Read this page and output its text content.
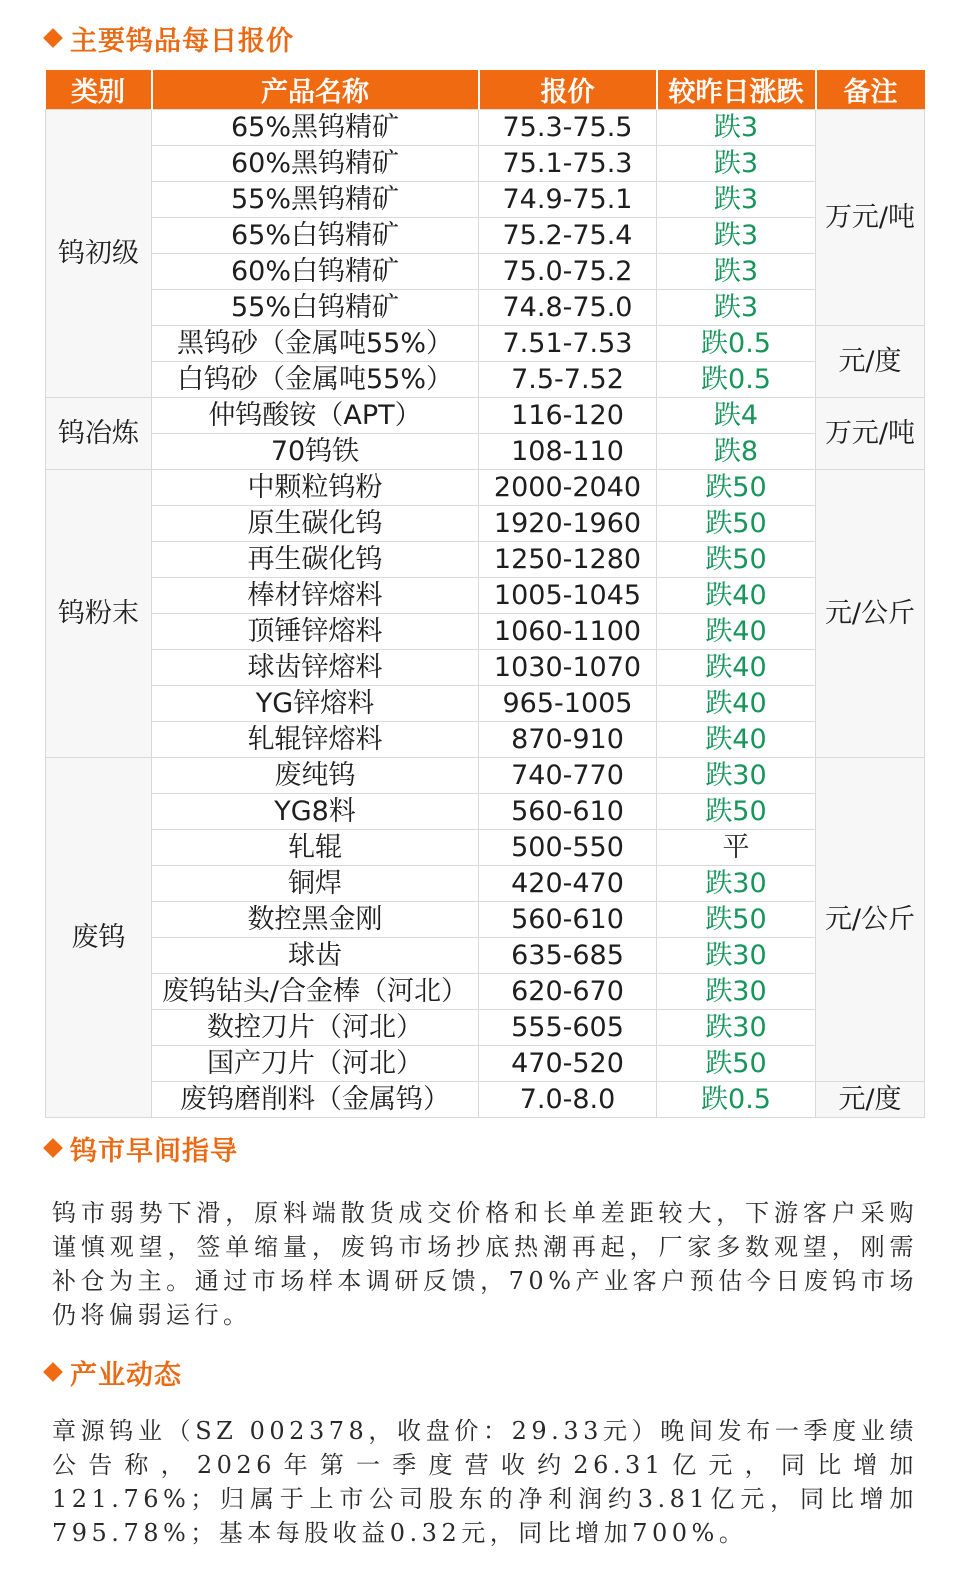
主要钨品每日报价
类别	产品名称	报价	较昨日涨跌	备注
钨初级	65%黑钨精矿	75.3-75.5	跌3	万元/吨
	60%黑钨精矿	75.1-75.3	跌3	
	55%黑钨精矿	74.9-75.1	跌3	
	65%白钨精矿	75.2-75.4	跌3	
	60%白钨精矿	75.0-75.2	跌3	
	55%白钨精矿	74.8-75.0	跌3	
	黑钨砂（金属吨55%）	7.51-7.53	跌0.5	元/度
	白钨砂（金属吨55%）	7.5-7.52	跌0.5	
钨冶炼	仲钨酸铵（APT）	116-120	跌4	万元/吨
	70钨铁	108-110	跌8	
钨粉末	中颗粒钨粉	2000-2040	跌50	元/公斤
	原生碳化钨	1920-1960	跌50	
	再生碳化钨	1250-1280	跌50	
	棒材锌熔料	1005-1045	跌40	
	顶锤锌熔料	1060-1100	跌40	
	球齿锌熔料	1030-1070	跌40	
	YG锌熔料	965-1005	跌40	
	轧辊锌熔料	870-910	跌40	
废钨	废纯钨	740-770	跌30	元/公斤
	YG8料	560-610	跌50	
	轧辊	500-550	平	
	铜焊	420-470	跌30	
	数控黑金刚	560-610	跌50	
	球齿	635-685	跌30	
	废钨钻头/合金棒（河北）	620-670	跌30	
	数控刀片（河北）	555-605	跌30	
	国产刀片（河北）	470-520	跌50	
	废钨磨削料（金属钨）	7.0-8.0	跌0.5	元/度
钨市早间指导
钨市弱势下滑，原料端散货成交价格和长单差距较大，下游客户采购谨慎观望，签单缩量，废钨市场抄底热潮再起，厂家多数观望，刚需补仓为主。通过市场样本调研反馈，70%产业客户预估今日废钨市场仍将偏弱运行。
产业动态
章源钨业（SZ 002378，收盘价：29.33元）晚间发布一季度业绩公告称，2026年第一季度营收约26.31亿元，同比增加121.76%；归属于上市公司股东的净利润约3.81亿元，同比增加795.78%；基本每股收益0.32元，同比增加700%。
